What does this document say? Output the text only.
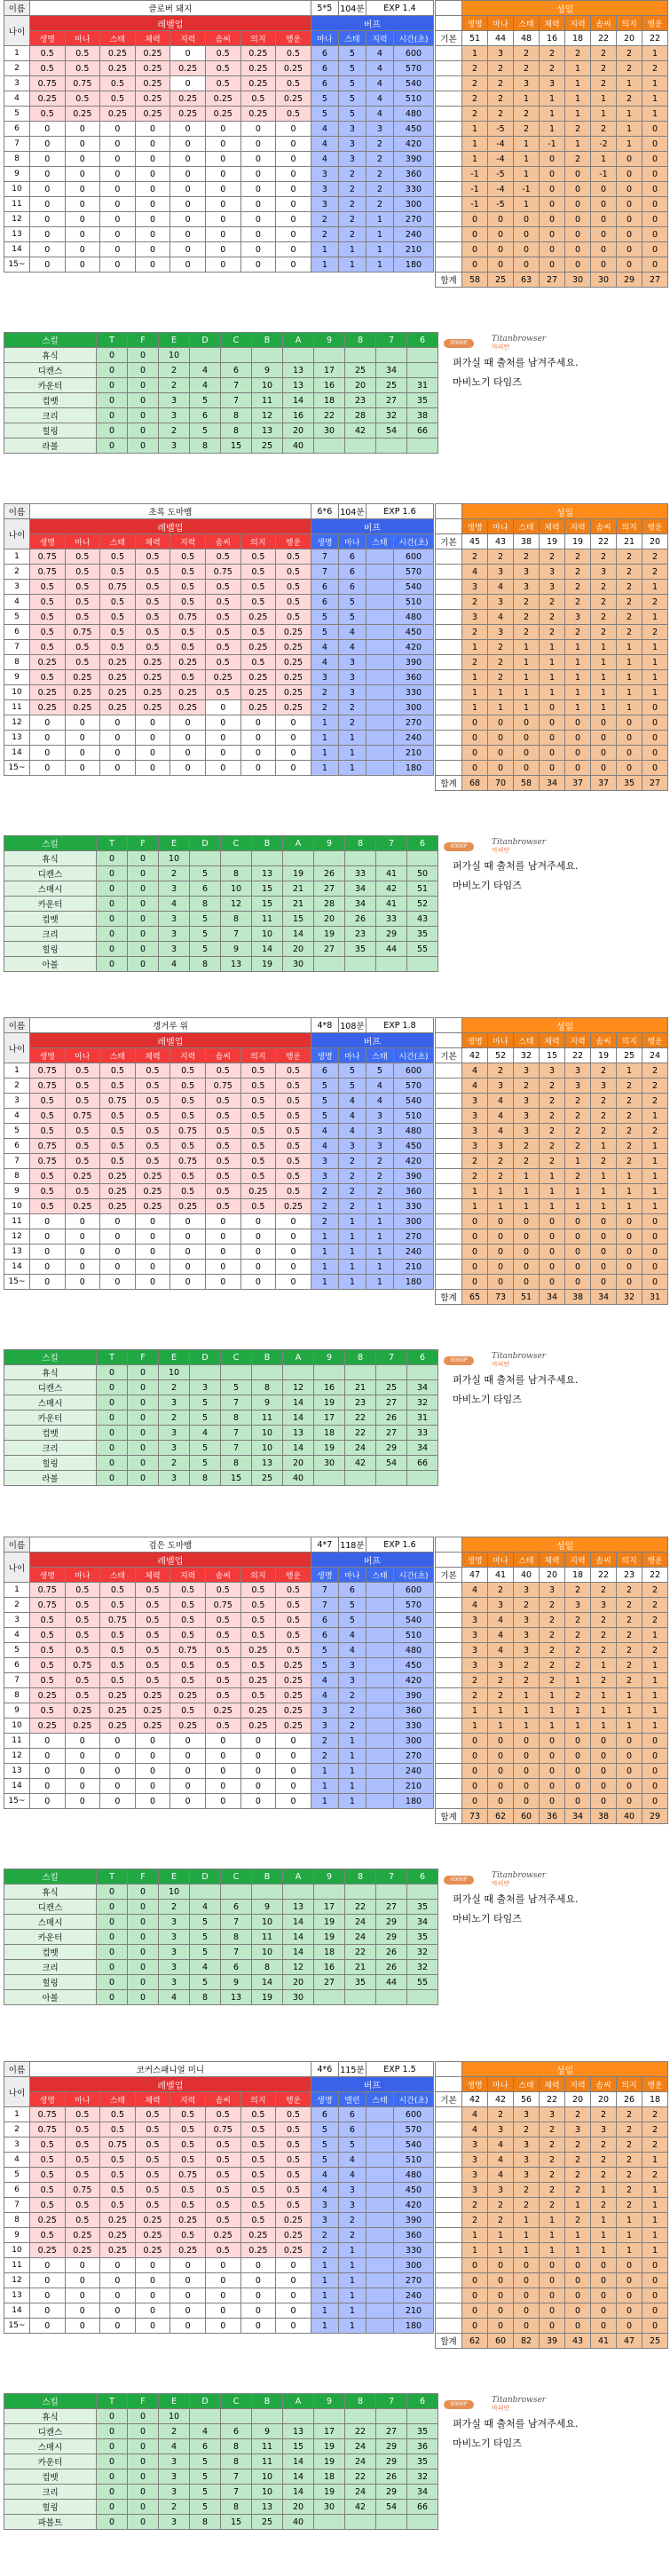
이름	클로버 돼지								5*5	104분	EXP 1.4	
나이	레벨업								버프			
	생명	마나	스태	체력	지력	솜씨	의지	행운	마나	스태	지력	시간(초)
1	0.5	0.5	0.25	0.25	0	0.5	0.25	0.5	6	5	4	600
2	0.5	0.5	0.25	0.25	0.25	0.5	0.25	0.25	6	5	4	570
3	0.75	0.75	0.5	0.25	0	0.5	0.25	0.5	6	5	4	540
4	0.25	0.5	0.5	0.25	0.25	0.25	0.5	0.25	5	5	4	510
5	0.5	0.25	0.25	0.25	0.25	0.25	0.25	0.5	5	5	4	480
6	0	0	0	0	0	0	0	0	4	3	3	450
7	0	0	0	0	0	0	0	0	4	3	2	420
8	0	0	0	0	0	0	0	0	4	3	2	390
9	0	0	0	0	0	0	0	0	3	2	2	360
10	0	0	0	0	0	0	0	0	3	2	2	330
11	0	0	0	0	0	0	0	0	3	2	2	300
12	0	0	0	0	0	0	0	0	2	2	1	270
13	0	0	0	0	0	0	0	0	2	2	1	240
14	0	0	0	0	0	0	0	0	1	1	1	210
15~	0	0	0	0	0	0	0	0	1	1	1	180
	성일							
	생명	마나	스태	체력	지력	솜씨	의지	행운
기본	51	44	48	16	18	22	20	22
	1	3	2	2	2	2	2	1
	2	2	2	2	1	2	2	2
	2	2	3	3	1	2	1	1
	2	2	1	1	1	1	2	1
	2	2	2	1	1	1	1	1
	1	-5	2	1	2	2	1	0
	1	-4	1	-1	1	-2	1	0
	1	-4	1	0	2	1	0	0
	-1	-5	1	0	0	-1	0	0
	-1	-4	-1	0	0	0	0	0
	-1	-5	1	0	0	0	0	0
	0	0	0	0	0	0	0	0
	0	0	0	0	0	0	0	0
	0	0	0	0	0	0	0	0
	0	0	0	0	0	0	0	0
합계	58	25	63	27	30	30	29	27
스킬	T	F	E	D	C	B	A	9	8	7	6
휴식	0	0	10								
디캔스	0	0	2	4	6	9	13	17	25	34	
카운터	0	0	2	4	7	10	13	16	20	25	31
컴뱃	0	0	3	5	7	11	14	18	23	27	35
크리	0	0	3	6	8	12	16	22	28	32	38
힐링	0	0	2	5	8	13	20	30	42	54	66
라볼	0	0	3	8	15	25	40				
0000P	Titanbrowser
마피안
퍼가실 때 출처를 남겨주세요.
마비노기 타임즈
이름	초록 도마뱀								6*6	104분	EXP 1.6	
나이	레벨업								버프			
	생명	마나	스태	체력	지력	솜씨	의지	행운	생명	마나	스태	시간(초)
1	0.75	0.5	0.5	0.5	0.5	0.5	0.5	0.5	7	6		600
2	0.75	0.5	0.5	0.5	0.5	0.75	0.5	0.5	7	6		570
3	0.5	0.5	0.75	0.5	0.5	0.5	0.5	0.5	6	6		540
4	0.5	0.5	0.5	0.5	0.5	0.5	0.5	0.5	6	5		510
5	0.5	0.5	0.5	0.5	0.75	0.5	0.25	0.5	5	5		480
6	0.5	0.75	0.5	0.5	0.5	0.5	0.5	0.25	5	4		450
7	0.5	0.5	0.5	0.5	0.5	0.5	0.25	0.25	4	4		420
8	0.25	0.5	0.25	0.25	0.25	0.5	0.5	0.25	4	3		390
9	0.5	0.25	0.25	0.25	0.5	0.25	0.25	0.25	3	3		360
10	0.25	0.25	0.25	0.25	0.25	0.5	0.25	0.25	2	3		330
11	0.25	0.25	0.25	0.25	0.25	0	0.25	0.25	2	2		300
12	0	0	0	0	0	0	0	0	1	2		270
13	0	0	0	0	0	0	0	0	1	1		240
14	0	0	0	0	0	0	0	0	1	1		210
15~	0	0	0	0	0	0	0	0	1	1		180
	성일							
	생명	마나	스태	체력	지력	솜씨	의지	행운
기본	45	43	38	19	19	22	21	20
	2	2	2	2	2	2	2	2
	4	3	3	3	2	3	2	2
	3	4	3	3	2	2	2	1
	2	3	2	2	2	2	2	2
	3	4	2	2	3	2	2	1
	2	3	2	2	2	2	2	2
	1	2	1	1	1	1	1	1
	2	2	1	1	1	1	1	1
	1	2	1	1	1	1	1	1
	1	1	1	1	1	1	1	1
	1	1	1	0	1	1	1	0
	0	0	0	0	0	0	0	0
	0	0	0	0	0	0	0	0
	0	0	0	0	0	0	0	0
	0	0	0	0	0	0	0	0
합계	68	70	58	34	37	37	35	27
스킬	T	F	E	D	C	B	A	9	8	7	6
휴식	0	0	10								
디캔스	0	0	2	5	8	13	19	26	33	41	50
스매시	0	0	3	6	10	15	21	27	34	42	51
카운터	0	0	4	8	12	15	21	28	34	41	52
컴뱃	0	0	3	5	8	11	15	20	26	33	43
크리	0	0	3	5	7	10	14	19	23	29	35
힐링	0	0	3	5	9	14	20	27	35	44	55
아볼	0	0	4	8	13	19	30				
0000P	Titanbrowser
마피안
퍼가실 때 출처를 남겨주세요.
마비노기 타임즈
이름	갱거루 위								4*8	108분	EXP 1.8	
나이	레벨업								버프			
	생명	마나	스태	체력	지력	솜씨	의지	행운	생명	마나	스태	시간(초)
1	0.75	0.5	0.5	0.5	0.5	0.5	0.5	0.5	6	5	5	600
2	0.75	0.5	0.5	0.5	0.5	0.75	0.5	0.5	5	5	4	570
3	0.5	0.5	0.75	0.5	0.5	0.5	0.5	0.5	5	4	4	540
4	0.5	0.75	0.5	0.5	0.5	0.5	0.5	0.5	5	4	3	510
5	0.5	0.5	0.5	0.5	0.75	0.5	0.5	0.5	4	4	3	480
6	0.75	0.5	0.5	0.5	0.5	0.5	0.5	0.5	4	3	3	450
7	0.75	0.5	0.5	0.5	0.75	0.5	0.5	0.5	3	2	2	420
8	0.5	0.25	0.25	0.25	0.5	0.5	0.5	0.5	3	2	2	390
9	0.5	0.5	0.25	0.25	0.5	0.5	0.25	0.5	2	2	2	360
10	0.5	0.25	0.25	0.25	0.25	0.5	0.5	0.25	2	2	1	330
11	0	0	0	0	0	0	0	0	2	1	1	300
12	0	0	0	0	0	0	0	0	1	1	1	270
13	0	0	0	0	0	0	0	0	1	1	1	240
14	0	0	0	0	0	0	0	0	1	1	1	210
15~	0	0	0	0	0	0	0	0	1	1	1	180
	성일							
	생명	마나	스태	체력	지력	솜씨	의지	행운
기본	42	52	32	15	22	19	25	24
	4	2	3	3	3	2	1	2
	4	3	2	2	3	3	2	2
	3	4	3	2	2	2	2	2
	3	4	3	2	2	2	2	1
	3	4	3	2	2	2	2	2
	3	3	2	2	2	1	2	1
	2	2	2	2	1	2	2	1
	2	2	1	1	2	1	1	1
	1	1	1	1	1	1	1	1
	1	1	1	1	1	1	1	1
	0	0	0	0	0	0	0	0
	0	0	0	0	0	0	0	0
	0	0	0	0	0	0	0	0
	0	0	0	0	0	0	0	0
	0	0	0	0	0	0	0	0
합계	65	73	51	34	38	34	32	31
스킬	T	F	E	D	C	B	A	9	8	7	6
휴식	0	0	10								
디캔스	0	0	2	3	5	8	12	16	21	25	34
스매시	0	0	3	5	7	9	14	19	23	27	32
카운터	0	0	2	5	8	11	14	17	22	26	31
컴뱃	0	0	3	4	7	10	13	18	22	27	33
크리	0	0	3	5	7	10	14	19	24	29	34
힐링	0	0	2	5	8	13	20	30	42	54	66
라볼	0	0	3	8	15	25	40				
0000P	Titanbrowser
마피안
퍼가실 때 출처를 남겨주세요.
마비노기 타임즈
이름	검은 도마뱀								4*7	118분	EXP 1.6	
나이	레벨업								버프			
	생명	마나	스태	체력	지력	솜씨	의지	행운	생명	마나	스태	시간(초)
1	0.75	0.5	0.5	0.5	0.5	0.5	0.5	0.5	7	6		600
2	0.75	0.5	0.5	0.5	0.5	0.75	0.5	0.5	7	5		570
3	0.5	0.5	0.75	0.5	0.5	0.5	0.5	0.5	6	5		540
4	0.5	0.5	0.5	0.5	0.5	0.5	0.5	0.5	6	4		510
5	0.5	0.5	0.5	0.5	0.75	0.5	0.25	0.5	5	4		480
6	0.5	0.75	0.5	0.5	0.5	0.5	0.5	0.25	5	3		450
7	0.5	0.5	0.5	0.5	0.5	0.5	0.25	0.25	4	3		420
8	0.25	0.5	0.25	0.25	0.25	0.5	0.5	0.25	4	2		390
9	0.5	0.25	0.25	0.25	0.5	0.25	0.25	0.25	3	2		360
10	0.25	0.25	0.25	0.25	0.25	0.5	0.25	0.25	3	2		330
11	0	0	0	0	0	0	0	0	2	1		300
12	0	0	0	0	0	0	0	0	2	1		270
13	0	0	0	0	0	0	0	0	1	1		240
14	0	0	0	0	0	0	0	0	1	1		210
15~	0	0	0	0	0	0	0	0	1	1		180
	성일							
	생명	마나	스태	체력	지력	솜씨	의지	행운
기본	47	41	40	20	18	22	23	22
	4	2	3	3	2	2	2	2
	4	3	2	2	3	3	2	2
	3	4	3	2	2	2	2	2
	3	4	3	2	2	2	2	1
	3	4	3	2	2	2	2	2
	3	3	2	2	2	1	2	1
	2	2	2	2	1	2	2	1
	2	2	1	1	2	1	1	1
	1	1	1	1	1	1	1	1
	1	1	1	1	1	1	1	1
	0	0	0	0	0	0	0	0
	0	0	0	0	0	0	0	0
	0	0	0	0	0	0	0	0
	0	0	0	0	0	0	0	0
	0	0	0	0	0	0	0	0
합계	73	62	60	36	34	38	40	29
스킬	T	F	E	D	C	B	A	9	8	7	6
휴식	0	0	10								
디캔스	0	0	2	4	6	9	13	17	22	27	35
스매시	0	0	3	5	7	10	14	19	24	29	34
카운터	0	0	3	5	8	11	14	19	24	29	35
컴뱃	0	0	3	5	7	10	14	18	22	26	32
크리	0	0	3	4	6	8	12	16	21	26	32
힐링	0	0	3	5	9	14	20	27	35	44	55
아볼	0	0	4	8	13	19	30				
0000P	Titanbrowser
마피안
퍼가실 때 출처를 남겨주세요.
마비노기 타임즈
이름	코커스패니얼 미니								4*6	115분	EXP 1.5	
나이	레벨업								버프			
	생명	마나	스태	체력	지력	솜씨	의지	행운	생명	밸런	스태	시간(초)
1	0.75	0.5	0.5	0.5	0.5	0.5	0.5	0.5	6	6		600
2	0.75	0.5	0.5	0.5	0.5	0.75	0.5	0.5	5	6		570
3	0.5	0.5	0.75	0.5	0.5	0.5	0.5	0.5	5	5		540
4	0.5	0.5	0.5	0.5	0.5	0.5	0.5	0.5	5	4		510
5	0.5	0.5	0.5	0.5	0.75	0.5	0.5	0.5	4	4		480
6	0.5	0.75	0.5	0.5	0.5	0.5	0.5	0.5	4	3		450
7	0.5	0.5	0.5	0.5	0.5	0.5	0.5	0.5	3	3		420
8	0.25	0.5	0.25	0.25	0.25	0.5	0.5	0.25	3	2		390
9	0.5	0.25	0.25	0.25	0.5	0.25	0.25	0.25	2	2		360
10	0.25	0.25	0.25	0.25	0.25	0.5	0.25	0.25	2	1		330
11	0	0	0	0	0	0	0	0	1	1		300
12	0	0	0	0	0	0	0	0	1	1		270
13	0	0	0	0	0	0	0	0	1	1		240
14	0	0	0	0	0	0	0	0	1	1		210
15~	0	0	0	0	0	0	0	0	1	1		180
	성일							
	생명	마나	스태	체력	지력	솜씨	의지	행운
기본	42	42	56	22	20	20	26	18
	4	2	3	3	2	2	2	2
	4	3	2	2	3	3	2	2
	3	4	3	2	2	2	2	2
	3	4	3	2	2	2	2	1
	3	4	3	2	2	2	2	2
	3	3	2	2	2	1	2	1
	2	2	2	2	1	2	2	1
	2	2	1	1	2	1	1	1
	1	1	1	1	1	1	1	1
	1	1	1	1	1	1	1	1
	0	0	0	0	0	0	0	0
	0	0	0	0	0	0	0	0
	0	0	0	0	0	0	0	0
	0	0	0	0	0	0	0	0
	0	0	0	0	0	0	0	0
합계	62	60	82	39	43	41	47	25
스킬	T	F	E	D	C	B	A	9	8	7	6
휴식	0	0	10								
디캔스	0	0	2	4	6	9	13	17	22	27	35
스매시	0	0	4	6	8	11	15	19	24	29	36
카운터	0	0	3	5	8	11	14	19	24	29	35
컴뱃	0	0	3	5	7	10	14	18	22	26	32
크리	0	0	3	5	7	10	14	19	24	29	34
힐링	0	0	2	5	8	13	20	30	42	54	66
파볼트	0	0	3	8	15	25	40				
0000P	Titanbrowser
마피안
퍼가실 때 출처를 남겨주세요.
마비노기 타임즈
